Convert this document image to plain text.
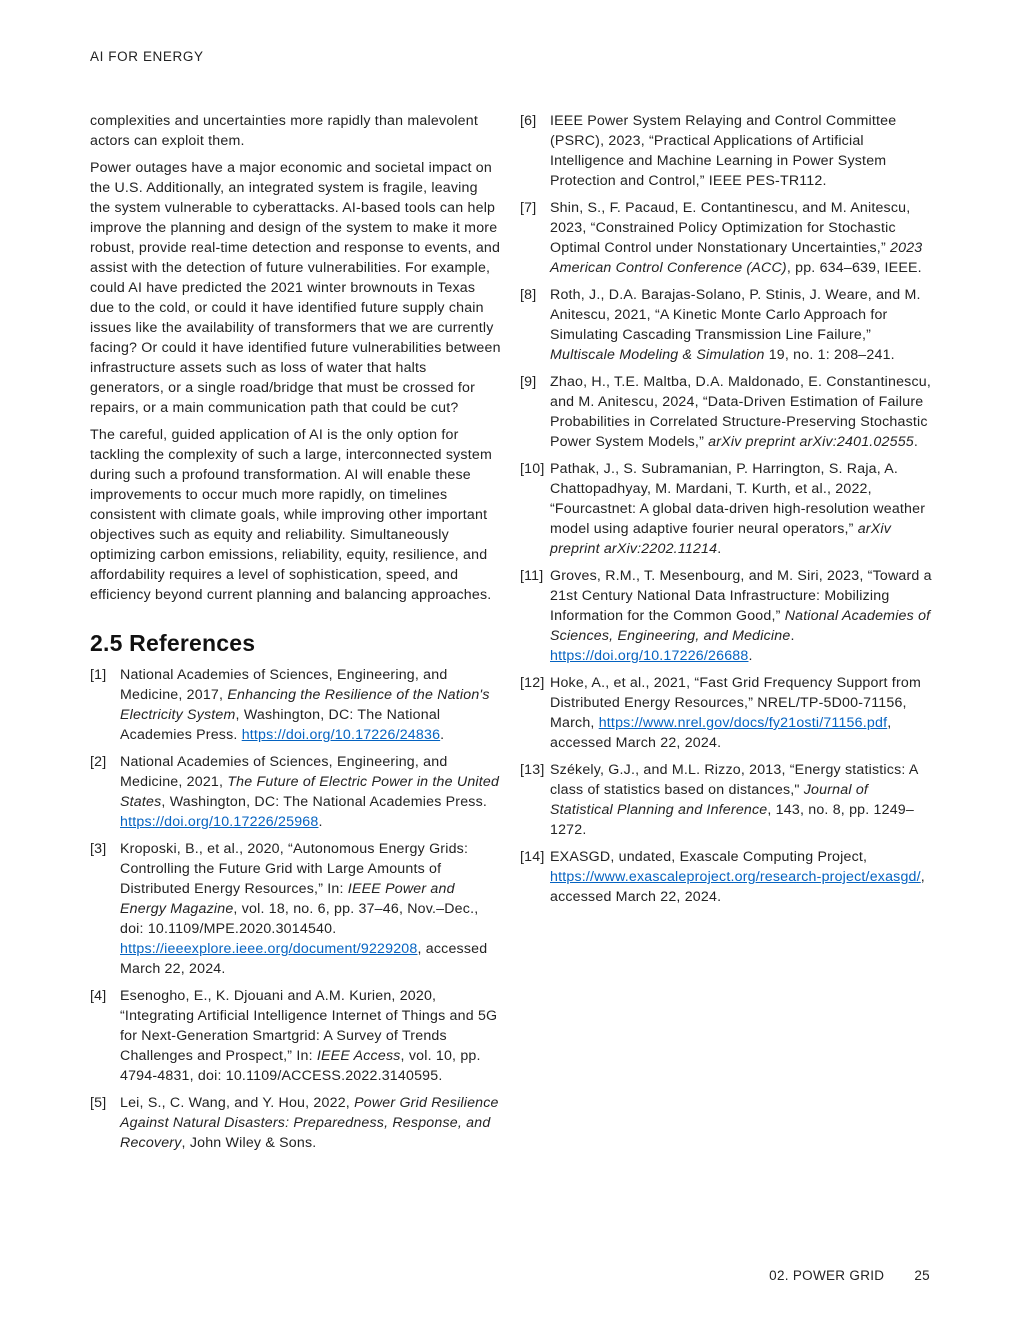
AI FOR ENERGY

complexities and uncertainties more rapidly than malevolent actors can exploit them.

Power outages have a major economic and societal impact on the U.S. Additionally, an integrated system is fragile, leaving the system vulnerable to cyberattacks. AI-based tools can help improve the planning and design of the system to make it more robust, provide real-time detection and response to events, and assist with the detection of future vulnerabilities. For example, could AI have predicted the 2021 winter brownouts in Texas due to the cold, or could it have identified future supply chain issues like the availability of transformers that we are currently facing? Or could it have identified future vulnerabilities between infrastructure assets such as loss of water that halts generators, or a single road/bridge that must be crossed for repairs, or a main communication path that could be cut?

The careful, guided application of AI is the only option for tackling the complexity of such a large, interconnected system during such a profound transformation. AI will enable these improvements to occur much more rapidly, on timelines consistent with climate goals, while improving other important objectives such as equity and reliability. Simultaneously optimizing carbon emissions, reliability, equity, resilience, and affordability requires a level of sophistication, speed, and efficiency beyond current planning and balancing approaches.

2.5 References
[1] National Academies of Sciences, Engineering, and Medicine, 2017, Enhancing the Resilience of the Nation's Electricity System, Washington, DC: The National Academies Press. https://doi.org/10.17226/24836.
[2] National Academies of Sciences, Engineering, and Medicine, 2021, The Future of Electric Power in the United States, Washington, DC: The National Academies Press. https://doi.org/10.17226/25968.
[3] Kroposki, B., et al., 2020, “Autonomous Energy Grids: Controlling the Future Grid with Large Amounts of Distributed Energy Resources,” In: IEEE Power and Energy Magazine, vol. 18, no. 6, pp. 37–46, Nov.–Dec., doi: 10.1109/MPE.2020.3014540. https://ieeexplore.ieee.org/document/9229208, accessed March 22, 2024.
[4] Esenogho, E., K. Djouani and A.M. Kurien, 2020, “Integrating Artificial Intelligence Internet of Things and 5G for Next-Generation Smartgrid: A Survey of Trends Challenges and Prospect,” In: IEEE Access, vol. 10, pp. 4794-4831, doi: 10.1109/ACCESS.2022.3140595.
[5] Lei, S., C. Wang, and Y. Hou, 2022, Power Grid Resilience Against Natural Disasters: Preparedness, Response, and Recovery, John Wiley & Sons.
[6] IEEE Power System Relaying and Control Committee (PSRC), 2023, “Practical Applications of Artificial Intelligence and Machine Learning in Power System Protection and Control,” IEEE PES-TR112.
[7] Shin, S., F. Pacaud, E. Contantinescu, and M. Anitescu, 2023, “Constrained Policy Optimization for Stochastic Optimal Control under Nonstationary Uncertainties,” 2023 American Control Conference (ACC), pp. 634–639, IEEE.
[8] Roth, J., D.A. Barajas-Solano, P. Stinis, J. Weare, and M. Anitescu, 2021, “A Kinetic Monte Carlo Approach for Simulating Cascading Transmission Line Failure,” Multiscale Modeling & Simulation 19, no. 1: 208–241.
[9] Zhao, H., T.E. Maltba, D.A. Maldonado, E. Constantinescu, and M. Anitescu, 2024, “Data-Driven Estimation of Failure Probabilities in Correlated Structure-Preserving Stochastic Power System Models,” arXiv preprint arXiv:2401.02555.
[10] Pathak, J., S. Subramanian, P. Harrington, S. Raja, A. Chattopadhyay, M. Mardani, T. Kurth, et al., 2022, “Fourcastnet: A global data-driven high-resolution weather model using adaptive fourier neural operators,” arXiv preprint arXiv:2202.11214.
[11] Groves, R.M., T. Mesenbourg, and M. Siri, 2023, “Toward a 21st Century National Data Infrastructure: Mobilizing Information for the Common Good,” National Academies of Sciences, Engineering, and Medicine. https://doi.org/10.17226/26688.
[12] Hoke, A., et al., 2021, “Fast Grid Frequency Support from Distributed Energy Resources,” NREL/TP-5D00-71156, March, https://www.nrel.gov/docs/fy21osti/71156.pdf, accessed March 22, 2024.
[13] Székely, G.J., and M.L. Rizzo, 2013, “Energy statistics: A class of statistics based on distances," Journal of Statistical Planning and Inference, 143, no. 8, pp. 1249–1272.
[14] EXASGD, undated, Exascale Computing Project, https://www.exascaleproject.org/research-project/exasgd/, accessed March 22, 2024.
02. POWER GRID 25
